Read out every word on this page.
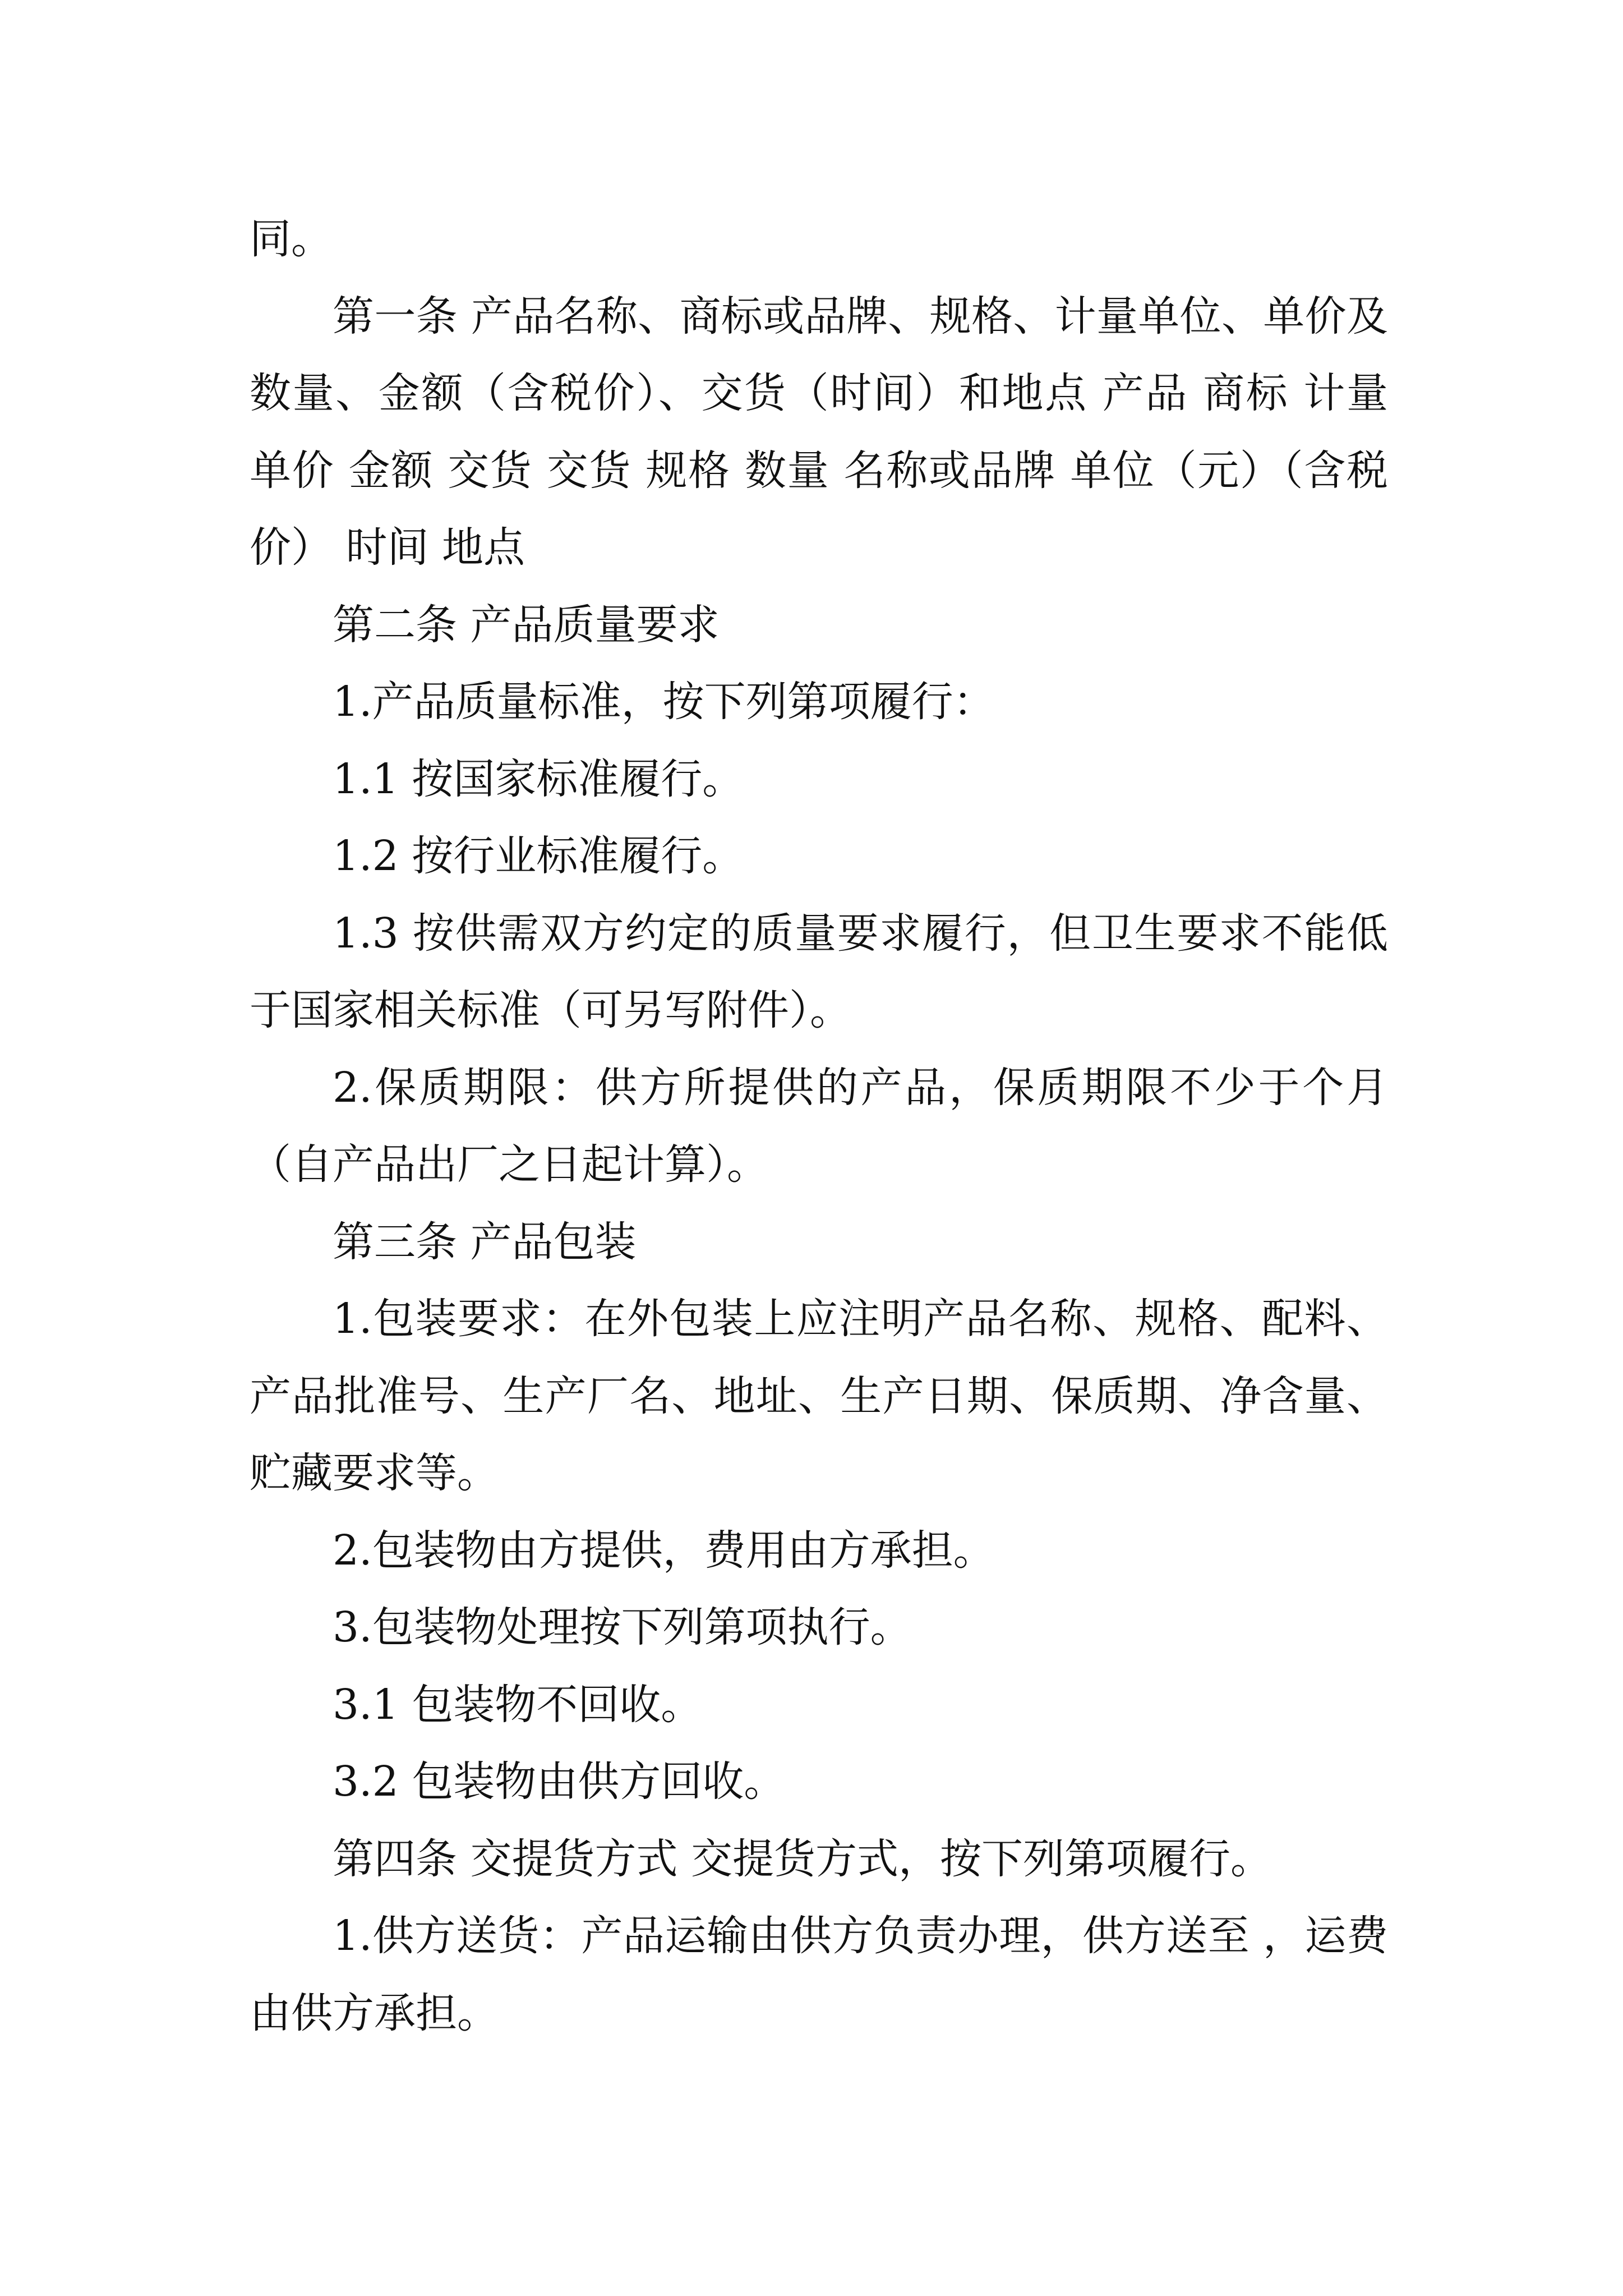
同。

第一条 产品名称、商标或品牌、规格、计量单位、单价及数量、金额（含税价）、交货（时间）和地点 产品 商标 计量 单价 金额 交货 交货 规格 数量 名称或品牌 单位（元）（含税价） 时间 地点

第二条 产品质量要求

1.产品质量标准，按下列第项履行：

1.1 按国家标准履行。

1.2 按行业标准履行。

1.3 按供需双方约定的质量要求履行，但卫生要求不能低于国家相关标准（可另写附件）。

2.保质期限：供方所提供的产品，保质期限不少于个月（自产品出厂之日起计算）。

第三条 产品包装

1.包装要求：在外包装上应注明产品名称、规格、配料、产品批准号、生产厂名、地址、生产日期、保质期、净含量、贮藏要求等。

2.包装物由方提供，费用由方承担。

3.包装物处理按下列第项执行。

3.1 包装物不回收。

3.2 包装物由供方回收。

第四条 交提货方式 交提货方式，按下列第项履行。

1.供方送货：产品运输由供方负责办理，供方送至 ，运费由供方承担。
